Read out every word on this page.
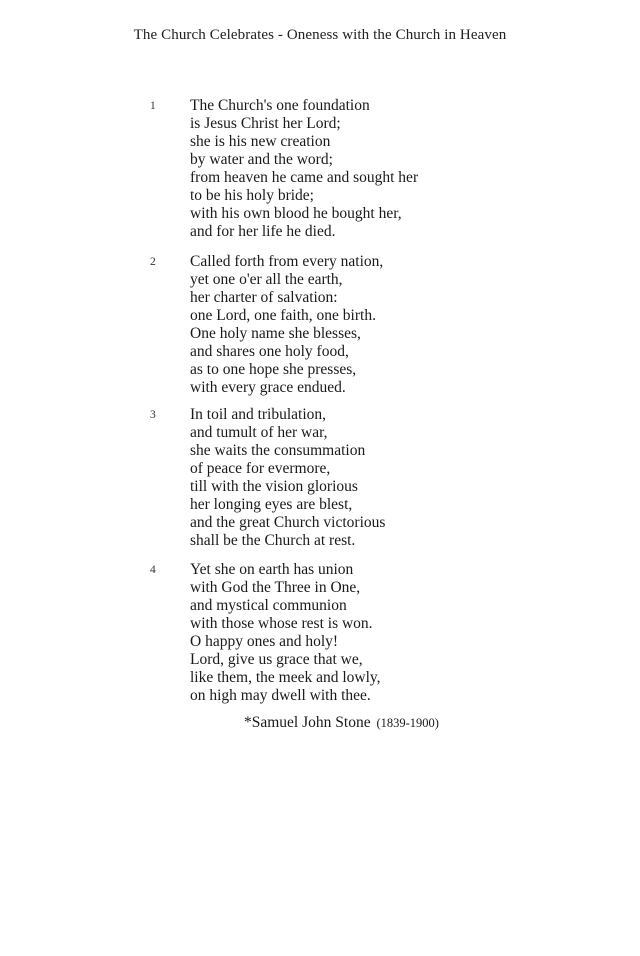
The Church Celebrates - Oneness with the Church in Heaven
1	The Church's one foundation
is Jesus Christ her Lord;
she is his new creation
by water and the word;
from heaven he came and sought her
to be his holy bride;
with his own blood he bought her,
and for her life he died.
2	Called forth from every nation,
yet one o'er all the earth,
her charter of salvation:
one Lord, one faith, one birth.
One holy name she blesses,
and shares one holy food,
as to one hope she presses,
with every grace endued.
3	In toil and tribulation,
and tumult of her war,
she waits the consummation
of peace for evermore,
till with the vision glorious
her longing eyes are blest,
and the great Church victorious
shall be the Church at rest.
4	Yet she on earth has union
with God the Three in One,
and mystical communion
with those whose rest is won.
O happy ones and holy!
Lord, give us grace that we,
like them, the meek and lowly,
on high may dwell with thee.
*Samuel John Stone (1839-1900)
